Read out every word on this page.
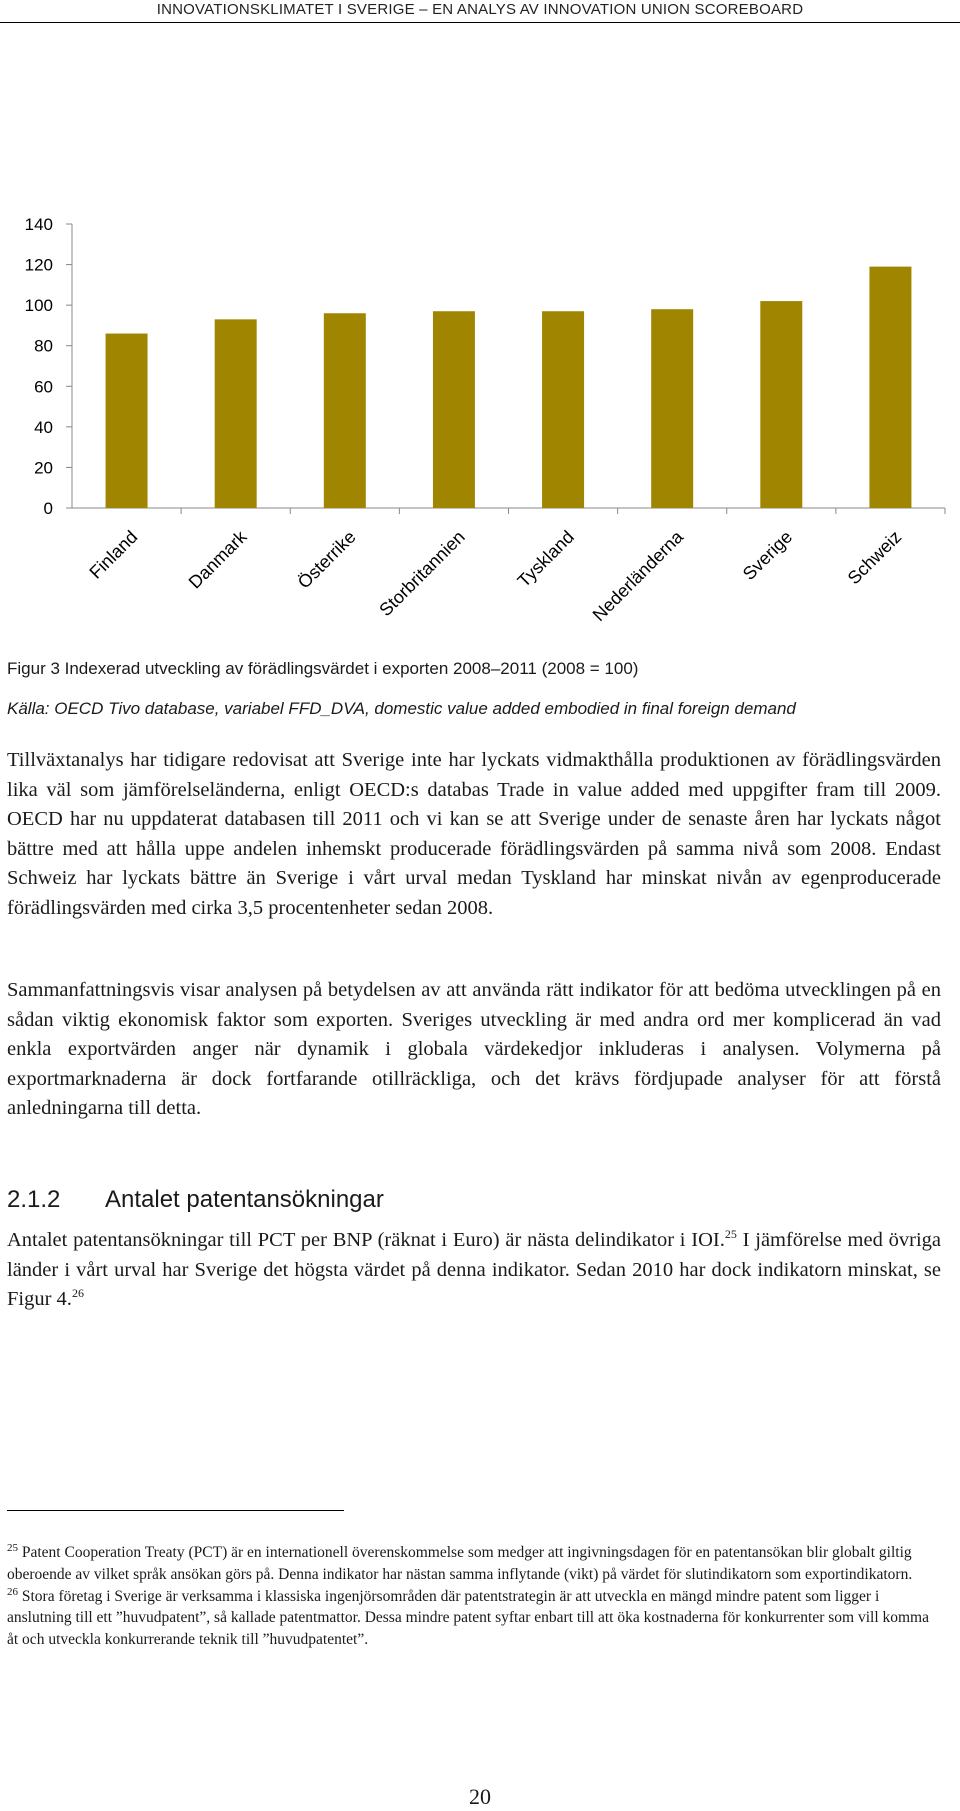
INNOVATIONSKLIMATET I SVERIGE – EN ANALYS AV INNOVATION UNION SCOREBOARD
0
20
40
60
80
100
120
140
Finland Danmark Österrike Storbritannien Tyskland Nederländerna	Sverige	Schweiz
Figur 3 Indexerad utveckling av förädlingsvärdet i exporten 2008–2011 (2008 = 100)
Källa: OECD Tivo database, variabel FFD_DVA, domestic value added embodied in final foreign demand

Tillväxtanalys har tidigare redovisat att Sverige inte har lyckats vidmakthålla produktionen av förädlingsvärden lika väl som jämförelseländerna, enligt OECD:s databas Trade in value added med uppgifter fram till 2009. OECD har nu uppdaterat databasen till 2011 och vi kan se att Sverige under de senaste åren har lyckats något bättre med att hålla uppe andelen inhemskt producerade förädlingsvärden på samma nivå som 2008. Endast Schweiz har lyckats bättre än Sverige i vårt urval medan Tyskland har minskat nivån av egenproducerade förädlingsvärden med cirka 3,5 procentenheter sedan 2008.

Sammanfattningsvis visar analysen på betydelsen av att använda rätt indikator för att bedöma utvecklingen på en sådan viktig ekonomisk faktor som exporten. Sveriges utveckling är med andra ord mer komplicerad än vad enkla exportvärden anger när dynamik i globala värdekedjor inkluderas i analysen. Volymerna på exportmarknaderna är dock fortfarande otillräckliga, och det krävs fördjupade analyser för att förstå anledningarna till detta.

2.1.2 Antalet patentansökningar

Antalet patentansökningar till PCT per BNP (räknat i Euro) är nästa delindikator i IOI.$^{25}$ I jämförelse med övriga länder i vårt urval har Sverige det högsta värdet på denna indikator. Sedan 2010 har dock indikatorn minskat, se Figur 4.26

$^{25}$ Patent Cooperation Treaty (PCT) är en internationell överenskommelse som medger att ingivningsdagen för en patentansökan blir globalt giltig oberoende av vilket språk ansökan görs på. Denna indikator har nästan samma inflytande (vikt) på värdet för slutindikatorn som exportindikatorn.

$^{26}$ Stora företag i Sverige är verksamma i klassiska ingenjörsområden där patentstrategin är att utveckla en mängd mindre patent som ligger i anslutning till ett ”huvudpatent”, så kallade patentmattor. Dessa mindre patent syftar enbart till att öka kostnaderna för konkurrenter som vill komma åt och utveckla konkurrerande teknik till ”huvudpatentet”.

20
